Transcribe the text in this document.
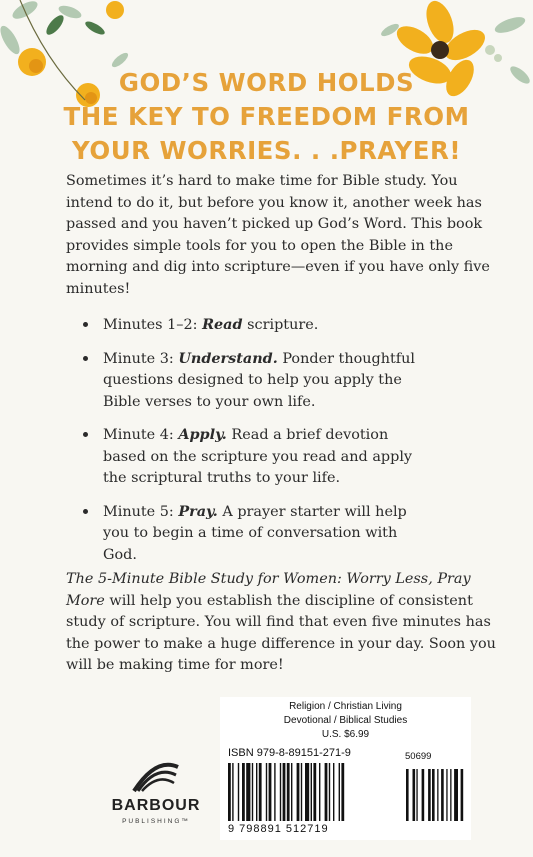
GOD’S WORD HOLDS
THE KEY TO FREEDOM FROM
YOUR WORRIES. . .PRAYER!
Sometimes it’s hard to make time for Bible study. You intend to do it, but before you know it, another week has passed and you haven’t picked up God’s Word. This book provides simple tools for you to open the Bible in the morning and dig into scripture—even if you have only five minutes!
Minutes 1–2: Read scripture.
Minute 3: Understand. Ponder thoughtful questions designed to help you apply the Bible verses to your own life.
Minute 4: Apply. Read a brief devotion based on the scripture you read and apply the scriptural truths to your life.
Minute 5: Pray. A prayer starter will help you to begin a time of conversation with God.
The 5-Minute Bible Study for Women: Worry Less, Pray More will help you establish the discipline of consistent study of scripture. You will find that even five minutes has the power to make a huge difference in your day. Soon you will be making time for more!
BARBOUR
PUBLISHING™
Religion / Christian Living
Devotional / Biblical Studies
U.S. $6.99
ISBN 979-8-89151-271-9	50699
9 798891 512719
